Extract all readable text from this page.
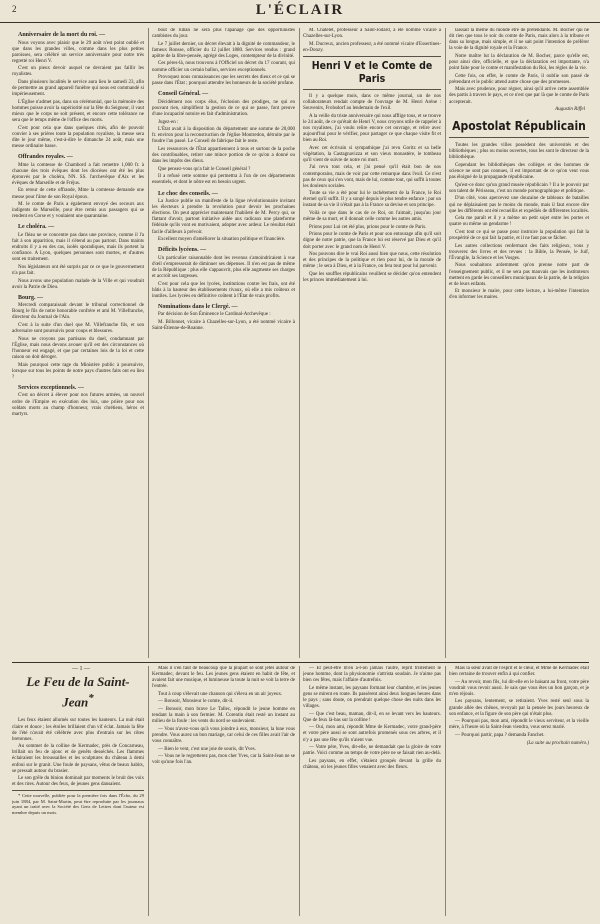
2	L'ÉCLAIR
Anniversaire de la mort du roi. —

Nous voyons avec plaisir que le 29 août n'est point oublié et que dans les grandes villes, comme dans les plus petites paroisses, sera célébré un service anniversaire pour notre très regretté roi Henri V.

C'est un pieux devoir auquel ne devraient pas faillir les royalistes.

Dans plusieurs localités le service aura lieu le samedi 23, afin de permettre au grand appareil funèbre qui nous est commandé si impérieusement.

L'Église n'admet pas, dans un cérémonial, que la mémoire des hommes puisse avoir la supériorité sur la fête du Seigneur, il vaut mieux que le corps ne soit présent, et encore cette tolérance ne sera que le temps même de l'office des morts.

C'est pour cela que dans quelques cités, afin de pouvoir convier à ses prières toute la population royaliste, la messe sera dite le jour même, c'est-à-dire le dimanche 24 août, mais une messe ordinaire basse.

Offrandes royales. —

Mme la comtesse de Chambord a fait remettre 1,000 fr. à chacune des trois évêques dont les diocèses ont été les plus éprouvés par le choléra, NN. SS. l'archevêque d'Aix et les évêques de Marseille et de Fréjus.

En retour de cette offrande, Mme la comtesse demande une messe pour l'âme de son Royal époux.

M. le comte de Paris a également envoyé des secours aux indigents de Marseille, pour être remis aux passagers qui se rendent en Corse et y voulaient une quarantaine.

Le choléra. —

Le fléau ne se concentre pas dans une province, comme il l'a fait à son apparition, mais il s'étend au pas partout. Dans maints endroits il y a eu des cas, isolés sporadiques, mais ils portent la confiance. A Lyon, quelques personnes sont mortes, et d'autres sont en traitement.

Nos législateurs ont été surpris par ce ce que le gouvernement n'a pas fait.

Nous avons une population malade de la Ville et qui voudrait avoir la Patrie de Dieu.

Bourg. —

Mercredi comparaissait devant le tribunal correctionnel de Bourg le fils de notre honorable confrère et ami M. Villefranche, directeur du Journal de l'Ain.

C'est à la suite d'un duel que M. Villefranche fils, et son adversaire sont poursuivis pour coups et blessures.

Nous ne croyons pas partisans du duel, condamnant par l'Église, mais nous devons avouer qu'il est des circonstances où l'honneur est engagé, et que par certaines lois de la loi et cette raison on doit déroger.

Mais pourquoi cette rage du Ministère public à poursuivre, lorsque sur tous les points de notre pays d'autres faits ont eu lieu ?

Services exceptionnels. —

C'est un décret à élever pour nos futures armées, un nouvel ordre de l'Empire en exécution des lois, une prière pour nos soldats morts au champ d'honneur, vrais chrétiens, héros et martyrs.

bout de ruban ne sera plus l'apanage que des opportunistes cambistes du jour.

Le 7 juillet dernier, un décret élevait à la dignité de commandeur, le fameux Ronsse, officier du 12 juillet 1880. Services rendus : grand apôtre de la libre-pensée, agrégé des Loges, contempteur de la divinité.

Ces pères-là, nous trouvons à l'Officiel un décret du 17 courant, qui nomme officier un certain ballon, services exceptionnels.

Provoquez nous connaissances que les secrets des dieux et ce qui se passe dans l'État ; pourquoi attendre les honneurs de la société profane.

Conseil Général. —

Décidément nos corps élus, l'éclosion des prodiges, ne qui en pouvant rien, simplifient la gestion de ce qui se passe, font preuve d'une incapacité notoire en fait d'administration.

Jugez-en :

L'État avait à la disposition du département une somme de 20,000 fr. environ pour la reconstruction de l'église Montredon, détruite par le foudre l'an passé. Le Conseil de fabrique fait le reste.

Les ressources de l'État appartiennent à tous et surtout de la poche des contribuables, retirer une mince portion de ce qu'on a donné ou dans les impôts des dieux.

Que pensez-vous qu'a fait le Conseil général ?

Il a refusé cette somme qui permettra à l'un de ces départements essentiels, et dont le nôtre est en besoin urgent.

Le choc des conseils. —

La Justice publie un manifeste de la ligue révolutionnaire invitant les électeurs à prendre la revolution pour devoir les prochaines élections. On peut apprécier maintenant l'habileté de M. Percy qui, se flattant d'avoir, partout initiative aidée aux radicaux une plateforme fédérale qu'ils vont en motivaient, adopter avec ardeur. Le résultat était facile d'ailleurs à prévoir.

Excellent moyen d'améliorer la situation politique et financière.

Déficits lycéens. —

Un particulier raisonnable dont les revenus s'amoindriraient à vue d'œil s'empresserait de diminuer ses dépenses. Il n'en est pas de même de la République : plus elle s'appauvrit, plus elle augmente ses charges et accroît ses largesses.

C'est pour cela que les lycées, institutions contre les frais, ont été bâtis à la hauteur des établissements rivaux, où elle a mis coûteux et inutiles. Les lycées en définitive coûtent à l'État de vrais profits.

Nominations dans le Clergé. —

Par décision de Son Éminence le Cardinal-Archevêque :

M. Billonnet, vicaire à Chazelles-sur-Lyon, a été nommé vicaire à Saint-Étienne-de-Roanne.

M. Chatelet, professeur à Saint-Jodard, a été nommé vicaire à Chazelles-sur-Lyon.

M. Ducreux, ancien professeur, a été nommé vicaire d'Essertines-en-Donzy.

Henri V et le Comte de Paris

Il y a quelque mois, dans ce même journal, un de nos collaborateurs rendait compte de l'ouvrage de M. Henri Arène : Souvenirs, Frohsdorf au lendemain de l'exil.

A la veille du triste anniversaire qui nous afflige tous, et se trouve le 24 août, de ce qu'était de Henri V, nous croyons utile de rappeler à nos royalistes, j'ai voulu relire encore cet ouvrage, et relire avec aujourd'hui pour le vérifier, pour partager ce que chaque visite fit et bien au Roi.

Avec cet écrivain si sympathique j'ai revu Goritz et sa belle végétation, la Castagnavizza et son vieux monastère, le tombeau qu'il vient de suivre de notre roi mort.

J'ai revu tout cela, et j'ai pensé qu'il était bon de nos contemporains, mais de voir par cette remarque dans l'exil. Ce n'est pas de ceux qui s'en vont, mais de lui, comme tout, qui suffit à toutes les douleurs sociales.

Toute sa vie a été pour lui le rachètement de la France, le Roi éternel qu'il suffit. Il y a songé depuis le plus tendre enfance ; par un instant de sa vie il n'était pas à la France sa devise et son principe.

Voilà ce que dans le cas de ce Roi, on l'aimait, jusqu'au jour même de sa mort, et il donnait celle comme les autres amis.

Prions pour Lui cet été plus, prions pour le comte de Paris.

Prions pour le comte de Paris et pour son entourage afin qu'il soit digne de notre patrie, que la France lui est réservé par Dieu et qu'il doit porter avec le grand nom de Henri V.

Nos pouvons dire le vrai Roi aussi bien que nous, cette résolution et des principes de la politique et rien pour lui, de la morale de même ; le sera à Dieu, et à la France, on fera tout pour lui parvenir.

Que les souffles républicains veuillent se décider qu'on entendent les princes immédiatement à lui.

laissait la même du monde être de prétendants. M. Bocher qui ne dit rien que tous le soir du comte de Paris, mais alors à la tribune et dans sa longue, mais simple, et il ne sait point l'intention de préférer la voie de la dignité royale et la France.

Notre maître lut la déclaration de M. Bocher, parce qu'elle est, pour ainsi dire, officielle, et que la déclaration est importante, n'a point faite pour le comte et manifestation du Roi, les règles de la vie.

Cette fois, on effet, le comte de Paris, il oublie son passé de prétendant et le public attend autre chose que des promesses.

Mais avec prudence, pour régner, ainsi qu'il arrive cette assemblée des partis à travers le pays, et ce n'est que par là que le comte de Paris accepterait.

Augustin Riffel

Apostolat Républicain

Toutes les grandes villes possèdent des universités et des bibliothèques ; plus ou moins ouvertes, tous les sont le directeur de la bibliothèque.

Cependant les bibliothèques des collèges et des hommes de science ne sont pas connues, il est important de ce qu'on veut vous pas éloigné de la propagande républicaine.

Qu'est-ce donc qu'un grand musée républicain ? Il a le pouvoir par son talent de Périsseau, c'est un monde pornographique et politique.

D'un côté, vous apercevez une douzaine de tableaux de batailles qui ne déplaisaient pas le moins du monde, mais il faut encore dire que les différents ont été recueillis et expédiés de différentes localités.

Cela me paraît et il y a même un petit sujet entre les portes et quatre ou même un gendarme !

C'est tout ce qui se passe pour instruire la population qui fait la prospérité de ce qui fait la patrie, et il ne faut pas se fâcher.

Les autres collections renfermant des faits religieux, vous y trouverez des livres et des revues : la Bible, la Pensée, le Juif, l'Évangile, la Science et les Vosges.

Nous souhaitons ardemment qu'on prenne notre part de l'enseignement public, et il ne sera pas mauvais que les instituteurs mettent en garde les conseillers municipaux de la patrie, de la religion et de leurs enfants.

Et monsieur le maire, pour cette lecture, a lui-même l'intention d'en informer les maires.

— 1 —

Le Feu de la Saint-Jean*

Les feux étaient allumés sur toutes les hauteurs. La nuit était claire et douce ; les étoiles brillaient d'un vif éclat. Jamais la fête de l'été n'avait été célébrée avec plus d'entrain sur les côtes bretonnes.

Au sommet de la colline de Kermadec, près de Concarneau, brillait un feu de ajonc et de genêts desséchés. Les flammes éclairaient les broussailles et les sculptures du château à demi enfoui sur le granit. Une foule de paysans, vêtus de beaux habits, se pressait autour du brasier.

Le son grêle du biniou dominait par moments le bruit des voix et des rires. Autour des feux, de jeunes gens dansaient.

* Cette nouvelle, publiée pour la première fois dans l'Écho, du 29 juin 1884, par M. Saint-Martin, peut être reproduite par les journaux ayant un traité avec la Société des Gens de Lettres dont l'auteur est membre depuis un mois.

Mais il s'en faut de beaucoup que la plupart se sont jetés autour de Kermadec, devant le feu. Les jeunes gens étaient en habit de fête, et avaient fait une musique, et lumineuse la toute la nuit se voit la terre de l'entrée.

Tout à coup s'élevait une chanson qui s'éleva en un air joyeux.

— Bonsoir, Monsieur le comte, dit-il.

— Bonsoir, mon brave Le Tallec, répondit le jeune homme en tendant la main à son fermier. M. Corentin était resté un instant au milieu de la foule : les vents du nord se soulevaient.

— Vous n'avez-vous qu'à vous joindre à eux, monsieur, la lune vous prendre. Vous aurez un bon mariage, car celui de ces filles avait l'air de vous connaître.

— Bien le vent, c'est une joie de souris, dit Yves.

— Vous ne le regretterez pas, mon cher Yves, car la Saint-Jean ne se voit qu'une fois l'an.

— Et peut-être m'en a-t-on jamais l'autre, reprit tristement le jeune homme, dont la physionomie s'attrista soudain. Je n'aime pas bien ces fêtes, mais l'affaire d'autrefois.

Le même instant, les paysans formant leur chambre, et les jeunes gens se mirent en route. Ils passèrent ainsi deux longues heures dans le pays ; sans doute, on prendrait quelque chose des nuits dans les villages.

— Que c'est beau, maman, dit-il, en se levant vers les hauteurs. Que de feux là-bas sur la colline !

— Oui, mon ami, répondit Mme de Kermadec, votre grand-père et votre père aussi se sont autrefois promenés sous ces arbres, et il n'y a pas une fête qu'ils n'aient vue.

— Votre père, Yves, dit-elle, ne demandait que la gloire de votre patrie. Voici comme au temps de votre père ne se faisait rien au-delà.

Les paysans, en effet, s'étaient groupés devant la grille du château, où les jeunes filles venaient avec des fleurs.

Mais la sœur avait de l'esprit et le cœur, et Mme de Kermadec était bien certaine de trouver enfin à qui confier.

— Au revoir, mon fils, lui dit-elle en le baisant au front, votre père voudrait vous revoir aussi. Je sais que vous êtes un bon garçon, et je m'en réjouis.

Les paysans, lentement, se retiraient. Yves resté seul sous la grande allée des chênes, revoyait par la pensée les jours heureux de son enfance, et la figure de son père qui n'était plus.

— Pourquoi pas, mon ami, répondit le vieux serviteur, et la vieille mère, à l'heure où la Saint-Jean viendra, vous serez marié.

— Pourquoi partir, papa ? demanda Fanchet.

(La suite au prochain numéro.)
